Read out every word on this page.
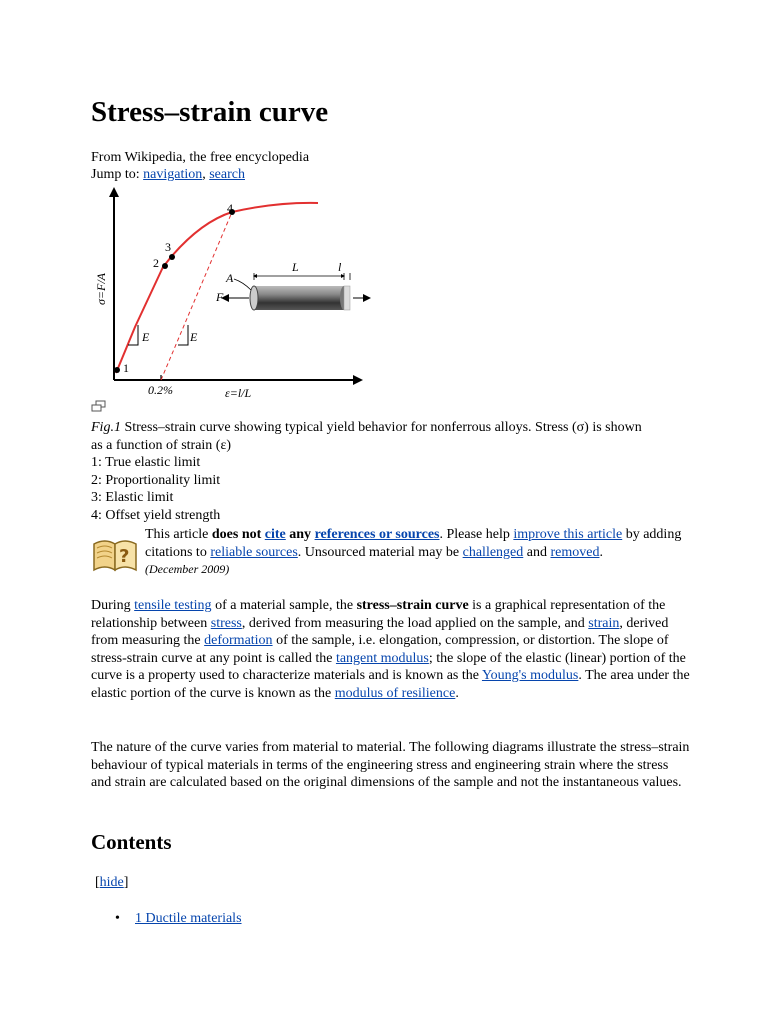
Stress–strain curve
From Wikipedia, the free encyclopedia
Jump to: navigation, search
E	E
1
2
3
4
σ=F/A
ε=l/L
0.2%
L	l
A
F
Fig.1 Stress–strain curve showing typical yield behavior for nonferrous alloys. Stress (σ) is shown as a function of strain (ε)
1: True elastic limit
2: Proportionality limit
3: Elastic limit
4: Offset yield strength
?
This article does not cite any references or sources. Please help improve this article by adding citations to reliable sources. Unsourced material may be challenged and removed.
(December 2009)
During tensile testing of a material sample, the stress–strain curve is a graphical representation of the relationship between stress, derived from measuring the load applied on the sample, and strain, derived from measuring the deformation of the sample, i.e. elongation, compression, or distortion. The slope of stress-strain curve at any point is called the tangent modulus; the slope of the elastic (linear) portion of the curve is a property used to characterize materials and is known as the Young's modulus. The area under the elastic portion of the curve is known as the modulus of resilience.
The nature of the curve varies from material to material. The following diagrams illustrate the stress–strain behaviour of typical materials in terms of the engineering stress and engineering strain where the stress and strain are calculated based on the original dimensions of the sample and not the instantaneous values.
Contents
[hide]
• 1 Ductile materials
